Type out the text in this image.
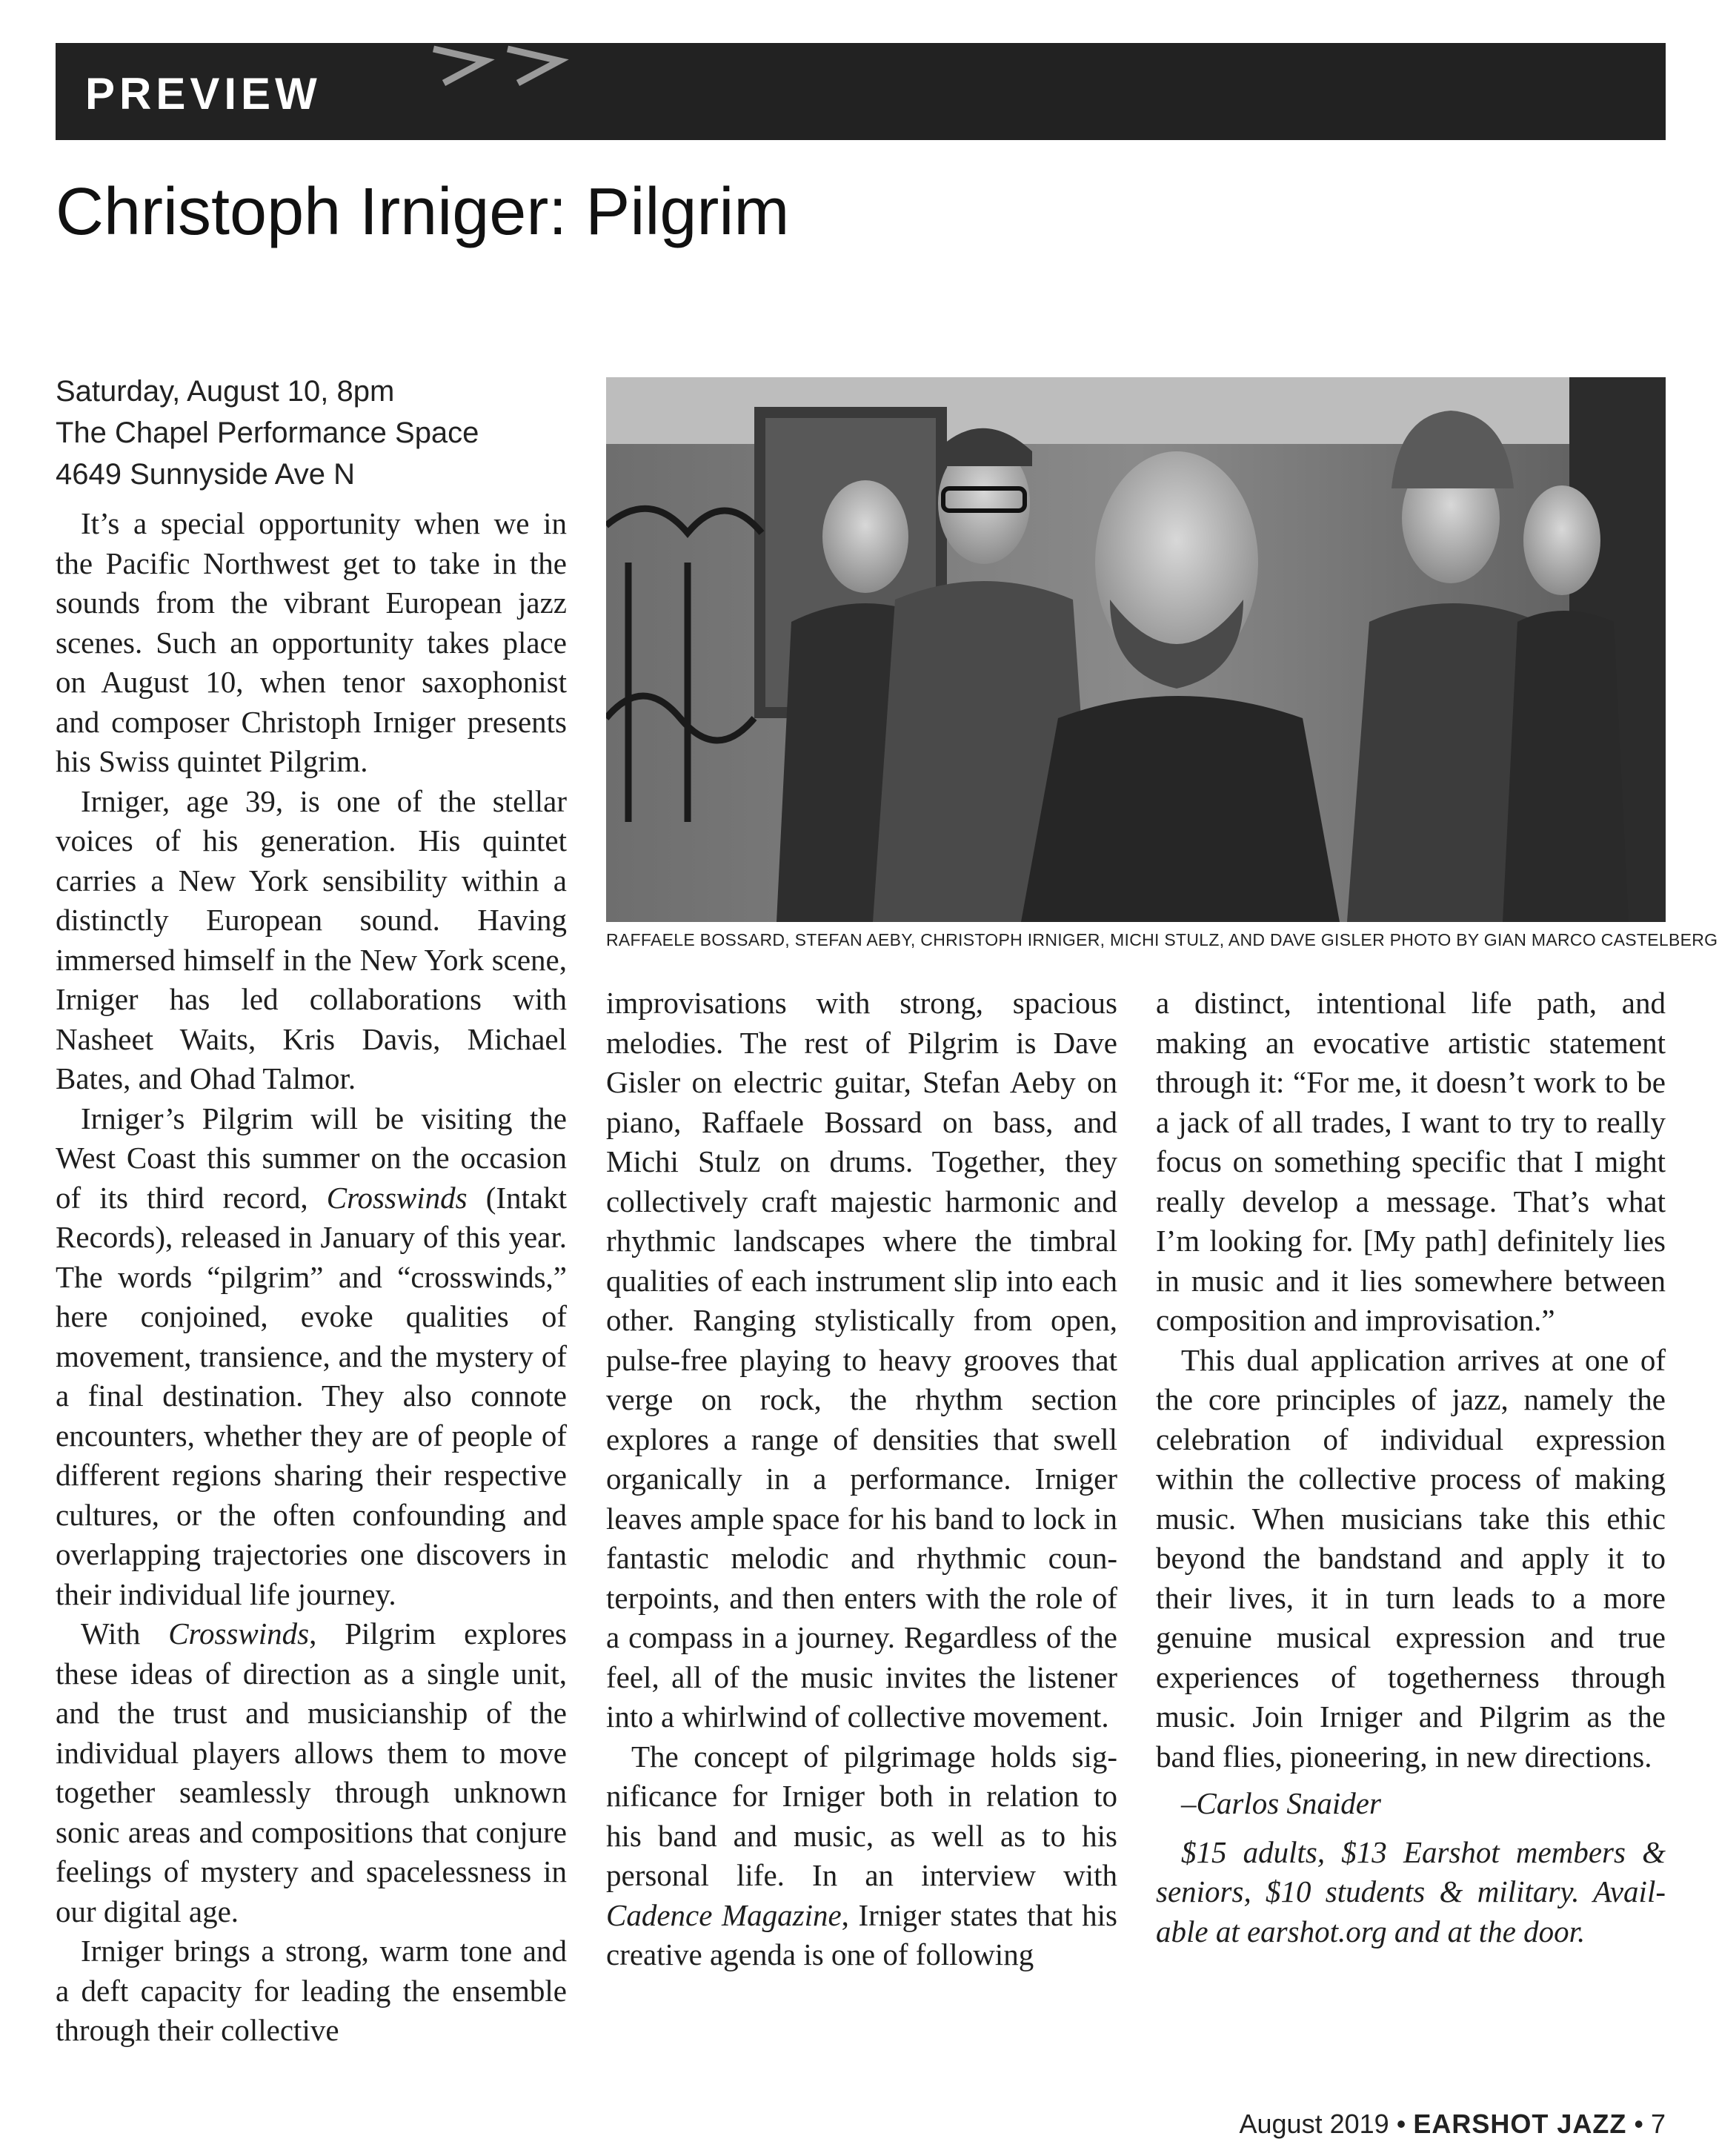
PREVIEW
Christoph Irniger: Pilgrim
Saturday, August 10, 8pm
The Chapel Performance Space
4649 Sunnyside Ave N

It’s a special opportunity when we in the Pacific Northwest get to take in the sounds from the vibrant European jazz scenes. Such an opportunity takes place on August 10, when tenor saxophonist and composer Christoph Irniger presents his Swiss quintet Pilgrim.

Irniger, age 39, is one of the stellar voices of his generation. His quintet carries a New York sensibility within a distinctly European sound. Having immersed himself in the New York scene, Irniger has led collaborations with Nasheet Waits, Kris Davis, Michael Bates, and Ohad Talmor.

Irniger’s Pilgrim will be visiting the West Coast this summer on the occasion of its third record, Crosswinds (Intakt Records), released in January of this year. The words “pilgrim” and “crosswinds,” here conjoined, evoke qualities of movement, transience, and the mystery of a final destination. They also connote encounters, whether they are of people of different regions sharing their respective cultures, or the often confounding and overlapping trajectories one discovers in their individual life journey.

With Crosswinds, Pilgrim explores these ideas of direction as a single unit, and the trust and musicianship of the individual players allows them to move together seamlessly through unknown sonic areas and compositions that conjure feelings of mystery and spacelessness in our digital age.

Irniger brings a strong, warm tone and a deft capacity for leading the ensemble through their collective

RAFFAELE BOSSARD, STEFAN AEBY, CHRISTOPH IRNIGER, MICHI STULZ, AND DAVE GISLER PHOTO BY GIAN MARCO CASTELBERG

improvisations with strong, spacious melodies. The rest of Pilgrim is Dave Gisler on electric guitar, Stefan Aeby on piano, Raffaele Bossard on bass, and Michi Stulz on drums. Together, they collectively craft majestic harmonic and rhythmic landscapes where the timbral qualities of each instrument slip into each other. Ranging stylistically from open, pulse-free playing to heavy grooves that verge on rock, the rhythm section explores a range of densities that swell organically in a performance. Irniger leaves ample space for his band to lock in fantastic melodic and rhythmic counterpoints, and then enters with the role of a compass in a journey. Regardless of the feel, all of the music invites the listener into a whirlwind of collective movement.

The concept of pilgrimage holds significance for Irniger both in relation to his band and music, as well as to his personal life. In an interview with Cadence Magazine, Irniger states that his creative agenda is one of following

a distinct, intentional life path, and making an evocative artistic statement through it: “For me, it doesn’t work to be a jack of all trades, I want to try to really focus on something specific that I might really develop a message. That’s what I’m looking for. [My path] definitely lies in music and it lies somewhere between composition and improvisation.”

This dual application arrives at one of the core principles of jazz, namely the celebration of individual expression within the collective process of making music. When musicians take this ethic beyond the bandstand and apply it to their lives, it in turn leads to a more genuine musical expression and true experiences of togetherness through music. Join Irniger and Pilgrim as the band flies, pioneering, in new directions.

–Carlos Snaider

$15 adults, $13 Earshot members & seniors, $10 students & military. Available at earshot.org and at the door.

August 2019 • EARSHOT JAZZ • 7
